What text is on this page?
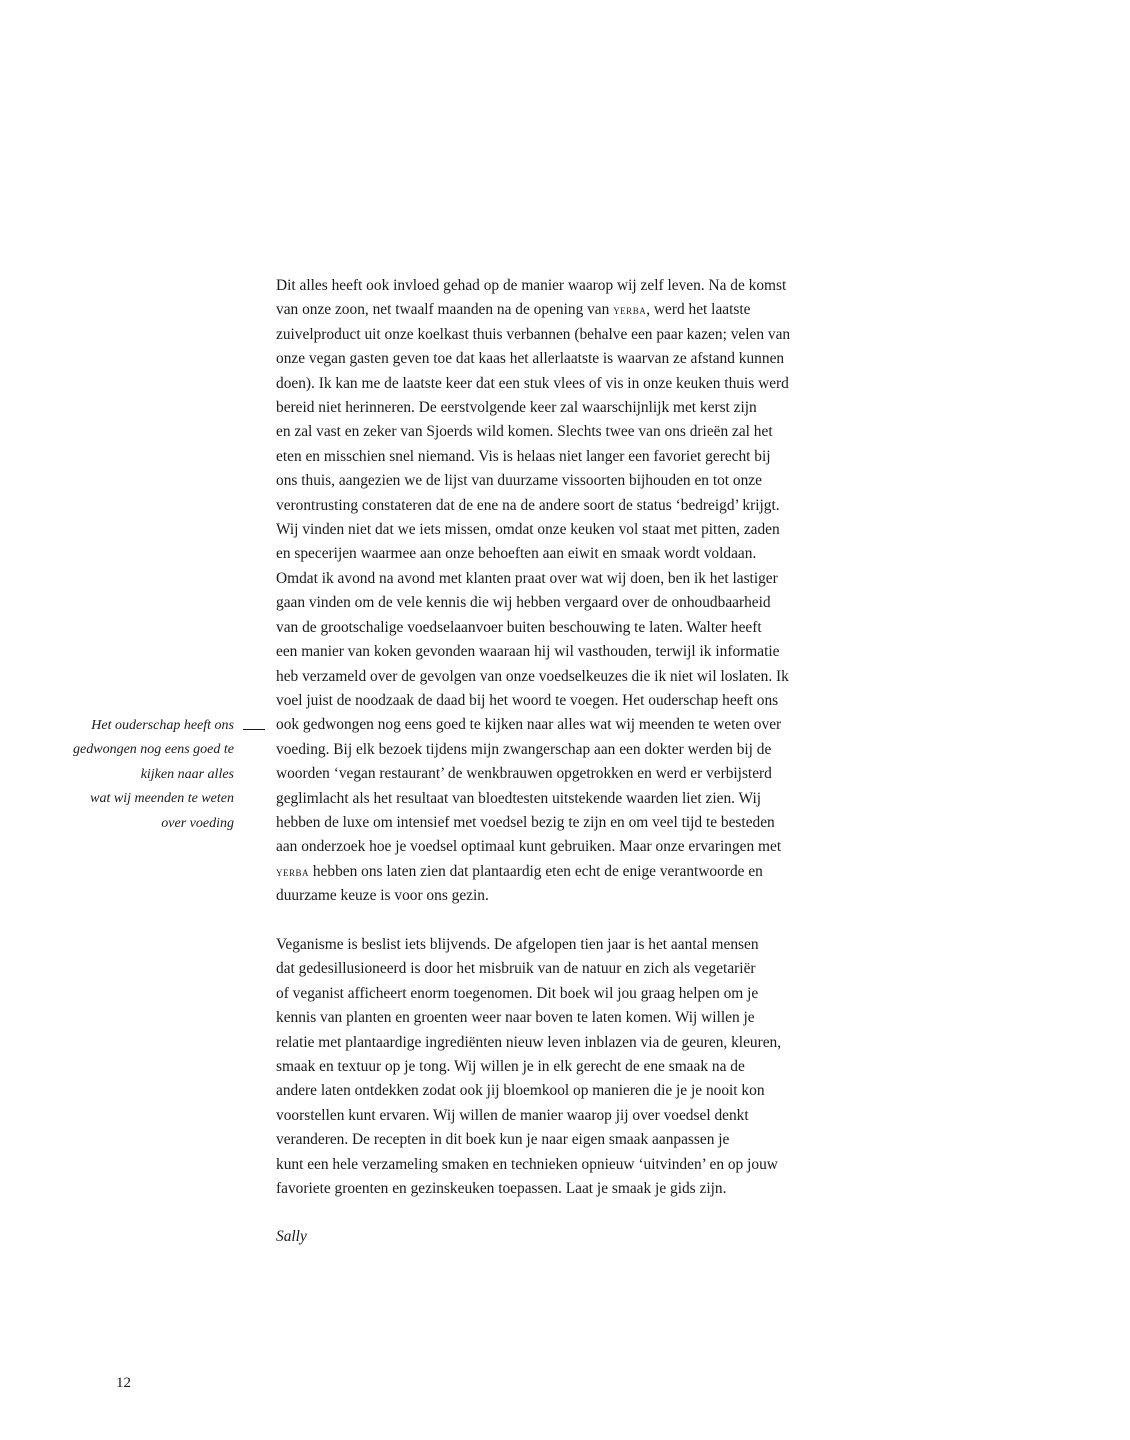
Dit alles heeft ook invloed gehad op de manier waarop wij zelf leven. Na de komst
van onze zoon, net twaalf maanden na de opening van yerba, werd het laatste
zuivelproduct uit onze koelkast thuis verbannen (behalve een paar kazen; velen van
onze vegan gasten geven toe dat kaas het allerlaatste is waarvan ze afstand kunnen
doen). Ik kan me de laatste keer dat een stuk vlees of vis in onze keuken thuis werd
bereid niet herinneren. De eerstvolgende keer zal waarschijnlijk met kerst zijn
en zal vast en zeker van Sjoerds wild komen. Slechts twee van ons drieën zal het
eten en misschien snel niemand. Vis is helaas niet langer een favoriet gerecht bij
ons thuis, aangezien we de lijst van duurzame vissoorten bijhouden en tot onze
verontrusting constateren dat de ene na de andere soort de status ‘bedreigd’ krijgt.
Wij vinden niet dat we iets missen, omdat onze keuken vol staat met pitten, zaden
en specerijen waarmee aan onze behoeften aan eiwit en smaak wordt voldaan.
Omdat ik avond na avond met klanten praat over wat wij doen, ben ik het lastiger
gaan vinden om de vele kennis die wij hebben vergaard over de onhoudbaarheid
van de grootschalige voedselaanvoer buiten beschouwing te laten. Walter heeft
een manier van koken gevonden waaraan hij wil vasthouden, terwijl ik informatie
heb verzameld over de gevolgen van onze voedselkeuzes die ik niet wil loslaten. Ik
voel juist de noodzaak de daad bij het woord te voegen. Het ouderschap heeft ons
ook gedwongen nog eens goed te kijken naar alles wat wij meenden te weten over
voeding. Bij elk bezoek tijdens mijn zwangerschap aan een dokter werden bij de
woorden ‘vegan restaurant’ de wenkbrauwen opgetrokken en werd er verbijsterd
geglimlacht als het resultaat van bloedtesten uitstekende waarden liet zien. Wij
hebben de luxe om intensief met voedsel bezig te zijn en om veel tijd te besteden
aan onderzoek hoe je voedsel optimaal kunt gebruiken. Maar onze ervaringen met
yerba hebben ons laten zien dat plantaardig eten echt de enige verantwoorde en
duurzame keuze is voor ons gezin.
Veganisme is beslist iets blijvends. De afgelopen tien jaar is het aantal mensen
dat gedesillusioneerd is door het misbruik van de natuur en zich als vegetariër
of veganist afficheert enorm toegenomen. Dit boek wil jou graag helpen om je
kennis van planten en groenten weer naar boven te laten komen. Wij willen je
relatie met plantaardige ingrediënten nieuw leven inblazen via de geuren, kleuren,
smaak en textuur op je tong. Wij willen je in elk gerecht de ene smaak na de
andere laten ontdekken zodat ook jij bloemkool op manieren die je je nooit kon
voorstellen kunt ervaren. Wij willen de manier waarop jij over voedsel denkt
veranderen. De recepten in dit boek kun je naar eigen smaak aanpassen je
kunt een hele verzameling smaken en technieken opnieuw ‘uitvinden’ en op jouw
favoriete groenten en gezinskeuken toepassen. Laat je smaak je gids zijn.
Het ouderschap heeft ons
gedwongen nog eens goed te
kijken naar alles
wat wij meenden te weten
over voeding
Sally
12
